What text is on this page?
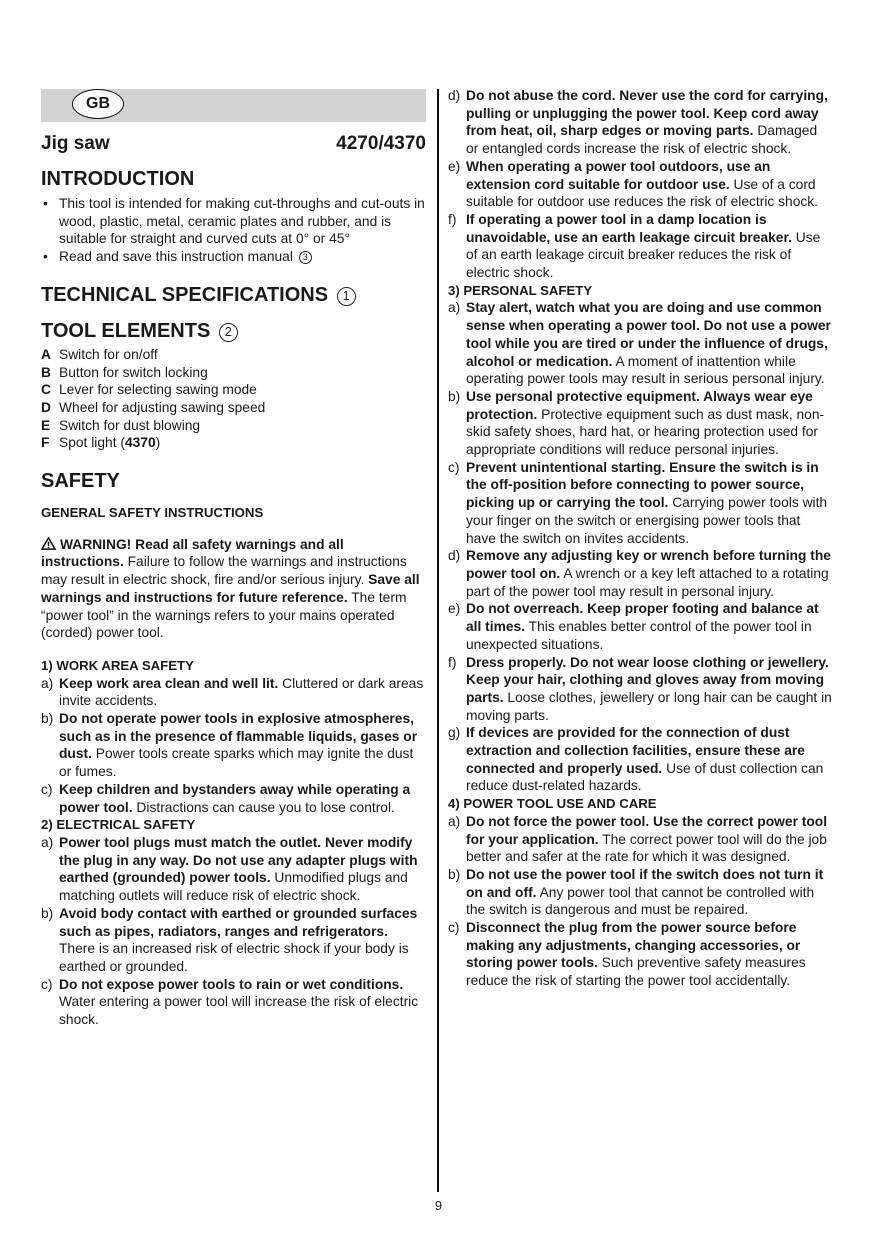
GB
Jig saw	4270/4370
INTRODUCTION
• This tool is intended for making cut-throughs and cut-outs in wood, plastic, metal, ceramic plates and rubber, and is suitable for straight and curved cuts at 0° or 45°
• Read and save this instruction manual 3
TECHNICAL SPECIFICATIONS 1
TOOL ELEMENTS 2
A Switch for on/off
B Button for switch locking
C Lever for selecting sawing mode
D Wheel for adjusting sawing speed
E Switch for dust blowing
F Spot light (4370)
SAFETY
GENERAL SAFETY INSTRUCTIONS
WARNING! Read all safety warnings and all instructions. Failure to follow the warnings and instructions may result in electric shock, fire and/or serious injury. Save all warnings and instructions for future reference. The term “power tool” in the warnings refers to your mains operated (corded) power tool.
1) WORK AREA SAFETY
a) Keep work area clean and well lit. Cluttered or dark areas invite accidents.
b) Do not operate power tools in explosive atmospheres, such as in the presence of flammable liquids, gases or dust. Power tools create sparks which may ignite the dust or fumes.
c) Keep children and bystanders away while operating a power tool. Distractions can cause you to lose control.
2) ELECTRICAL SAFETY
a) Power tool plugs must match the outlet. Never modify the plug in any way. Do not use any adapter plugs with earthed (grounded) power tools. Unmodified plugs and matching outlets will reduce risk of electric shock.
b) Avoid body contact with earthed or grounded surfaces such as pipes, radiators, ranges and refrigerators. There is an increased risk of electric shock if your body is earthed or grounded.
c) Do not expose power tools to rain or wet conditions. Water entering a power tool will increase the risk of electric shock.
d) Do not abuse the cord. Never use the cord for carrying, pulling or unplugging the power tool. Keep cord away from heat, oil, sharp edges or moving parts. Damaged or entangled cords increase the risk of electric shock.
e) When operating a power tool outdoors, use an extension cord suitable for outdoor use. Use of a cord suitable for outdoor use reduces the risk of electric shock.
f) If operating a power tool in a damp location is unavoidable, use an earth leakage circuit breaker. Use of an earth leakage circuit breaker reduces the risk of electric shock.
3) PERSONAL SAFETY
a) Stay alert, watch what you are doing and use common sense when operating a power tool. Do not use a power tool while you are tired or under the influence of drugs, alcohol or medication. A moment of inattention while operating power tools may result in serious personal injury.
b) Use personal protective equipment. Always wear eye protection. Protective equipment such as dust mask, non-skid safety shoes, hard hat, or hearing protection used for appropriate conditions will reduce personal injuries.
c) Prevent unintentional starting. Ensure the switch is in the off-position before connecting to power source, picking up or carrying the tool. Carrying power tools with your finger on the switch or energising power tools that have the switch on invites accidents.
d) Remove any adjusting key or wrench before turning the power tool on. A wrench or a key left attached to a rotating part of the power tool may result in personal injury.
e) Do not overreach. Keep proper footing and balance at all times. This enables better control of the power tool in unexpected situations.
f) Dress properly. Do not wear loose clothing or jewellery. Keep your hair, clothing and gloves away from moving parts. Loose clothes, jewellery or long hair can be caught in moving parts.
g) If devices are provided for the connection of dust extraction and collection facilities, ensure these are connected and properly used. Use of dust collection can reduce dust-related hazards.
4) POWER TOOL USE AND CARE
a) Do not force the power tool. Use the correct power tool for your application. The correct power tool will do the job better and safer at the rate for which it was designed.
b) Do not use the power tool if the switch does not turn it on and off. Any power tool that cannot be controlled with the switch is dangerous and must be repaired.
c) Disconnect the plug from the power source before making any adjustments, changing accessories, or storing power tools. Such preventive safety measures reduce the risk of starting the power tool accidentally.
9
